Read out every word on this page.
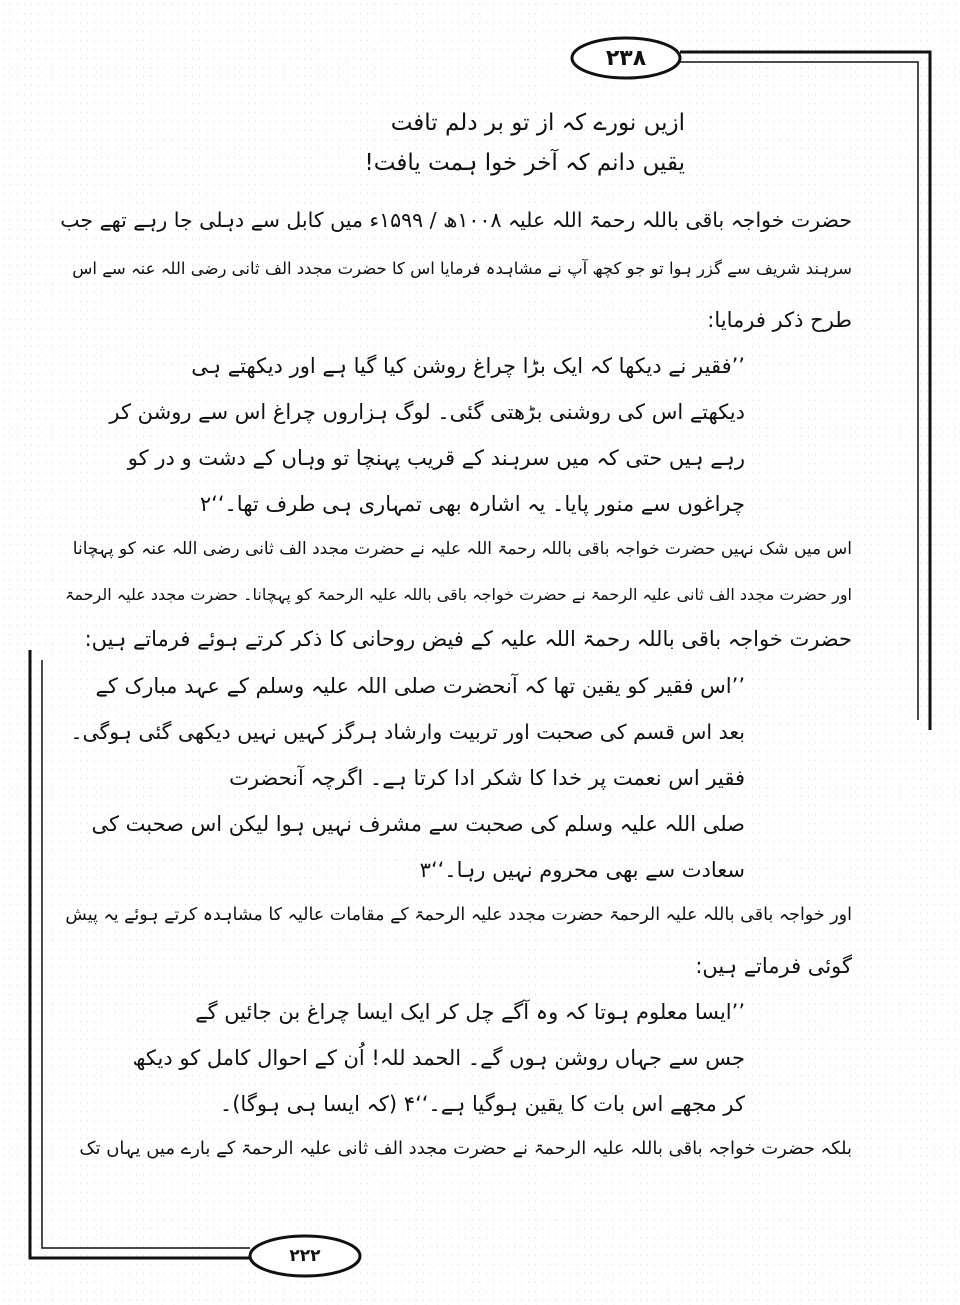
۲۳۸
۲۲۲
ازیں نورے کہ از تو بر دلم تافت
یقیں دانم کہ آخر خوا ہمت یافت!
حضرت خواجہ باقی باللہ رحمۃ اللہ علیہ ۱۰۰۸ھ / ۱۵۹۹ء میں کابل سے دہلی جا رہے تھے جب
سرہند شریف سے گزر ہوا تو جو کچھ آپ نے مشاہدہ فرمایا اس کا حضرت مجدد الف ثانی رضی اللہ عنہ سے اس
طرح ذکر فرمایا:
’’فقیر نے دیکھا کہ ایک بڑا چراغ روشن کیا گیا ہے اور دیکھتے ہی
دیکھتے اس کی روشنی بڑھتی گئی۔ لوگ ہزاروں چراغ اس سے روشن کر
رہے ہیں حتی کہ میں سرہند کے قریب پہنچا تو وہاں کے دشت و در کو
چراغوں سے منور پایا۔ یہ اشارہ بھی تمہاری ہی طرف تھا۔‘‘۲
اس میں شک نہیں حضرت خواجہ باقی باللہ رحمۃ اللہ علیہ نے حضرت مجدد الف ثانی رضی اللہ عنہ کو پہچانا
اور حضرت مجدد الف ثانی علیہ الرحمۃ نے حضرت خواجہ باقی باللہ علیہ الرحمۃ کو پہچانا۔ حضرت مجدد علیہ الرحمۃ
حضرت خواجہ باقی باللہ رحمۃ اللہ علیہ کے فیض روحانی کا ذکر کرتے ہوئے فرماتے ہیں:
’’اس فقیر کو یقین تھا کہ آنحضرت صلی اللہ علیہ وسلم کے عہد مبارک کے
بعد اس قسم کی صحبت اور تربیت وارشاد ہرگز کہیں نہیں دیکھی گئی ہوگی۔
فقیر اس نعمت پر خدا کا شکر ادا کرتا ہے۔ اگرچہ آنحضرت
صلی اللہ علیہ وسلم کی صحبت سے مشرف نہیں ہوا لیکن اس صحبت کی
سعادت سے بھی محروم نہیں رہا۔‘‘۳
اور خواجہ باقی باللہ علیہ الرحمۃ حضرت مجدد علیہ الرحمۃ کے مقامات عالیہ کا مشاہدہ کرتے ہوئے یہ پیش
گوئی فرماتے ہیں:
’’ایسا معلوم ہوتا کہ وہ آگے چل کر ایک ایسا چراغ بن جائیں گے
جس سے جہاں روشن ہوں گے۔ الحمد للہ! اُن کے احوال کامل کو دیکھ
کر مجھے اس بات کا یقین ہوگیا ہے۔‘‘۴ (کہ ایسا ہی ہوگا)۔
بلکہ حضرت خواجہ باقی باللہ علیہ الرحمۃ نے حضرت مجدد الف ثانی علیہ الرحمۃ کے بارے میں یہاں تک
